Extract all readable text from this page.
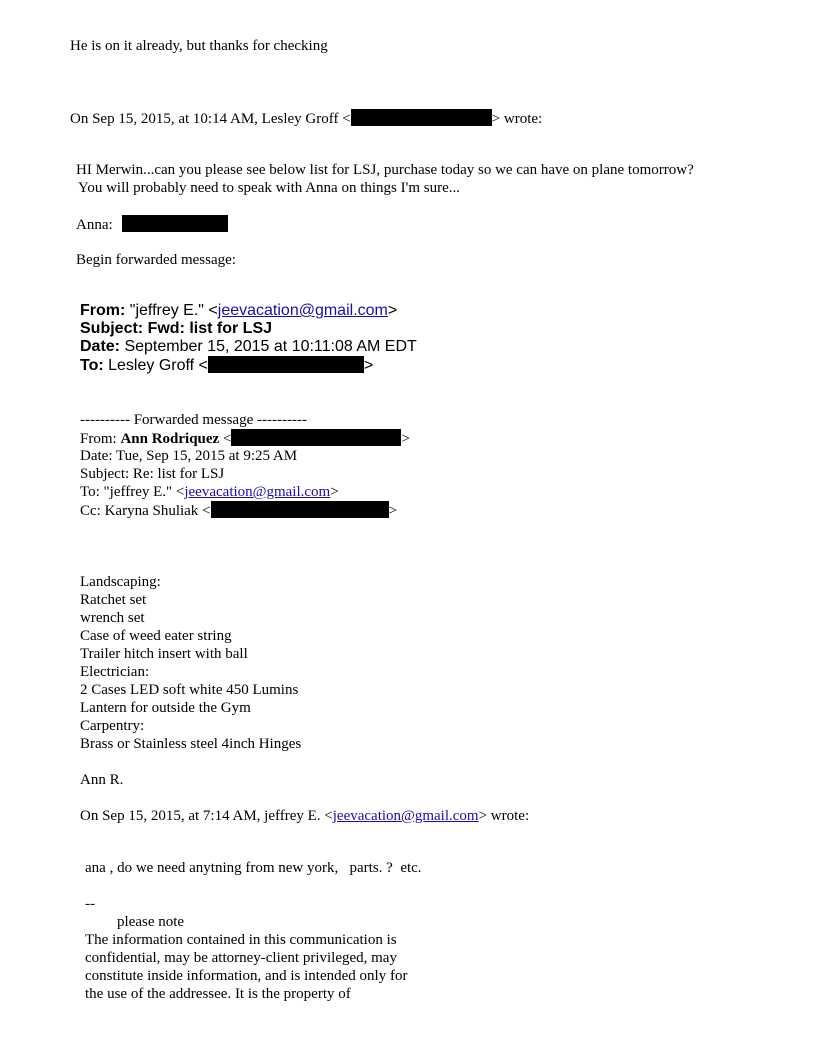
He is on it already, but thanks for checking
On Sep 15, 2015, at 10:14 AM, Lesley Groff <	> wrote:
HI Merwin...can you please see below list for LSJ, purchase today so we can have on plane tomorrow?
You will probably need to speak with Anna on things I'm sure...
Anna:
Begin forwarded message:
From: "jeffrey E." <jeevacation@gmail.com>
Subject: Fwd: list for LSJ
Date: September 15, 2015 at 10:11:08 AM EDT
To: Lesley Groff <	>
---------- Forwarded message ----------
From: Ann Rodriquez <	>
Date: Tue, Sep 15, 2015 at 9:25 AM
Subject: Re: list for LSJ
To: "jeffrey E." <jeevacation@gmail.com>
Cc: Karyna Shuliak <	>
Landscaping:
Ratchet set
wrench set
Case of weed eater string
Trailer hitch insert with ball
Electrician:
2 Cases LED soft white 450 Lumins
Lantern for outside the Gym
Carpentry:
Brass or Stainless steel 4inch Hinges
Ann R.
On Sep 15, 2015, at 7:14 AM, jeffrey E. <jeevacation@gmail.com> wrote:
ana , do we need anytning from new york,   parts. ?  etc.
--
please note
The information contained in this communication is
confidential, may be attorney-client privileged, may
constitute inside information, and is intended only for
the use of the addressee. It is the property of
